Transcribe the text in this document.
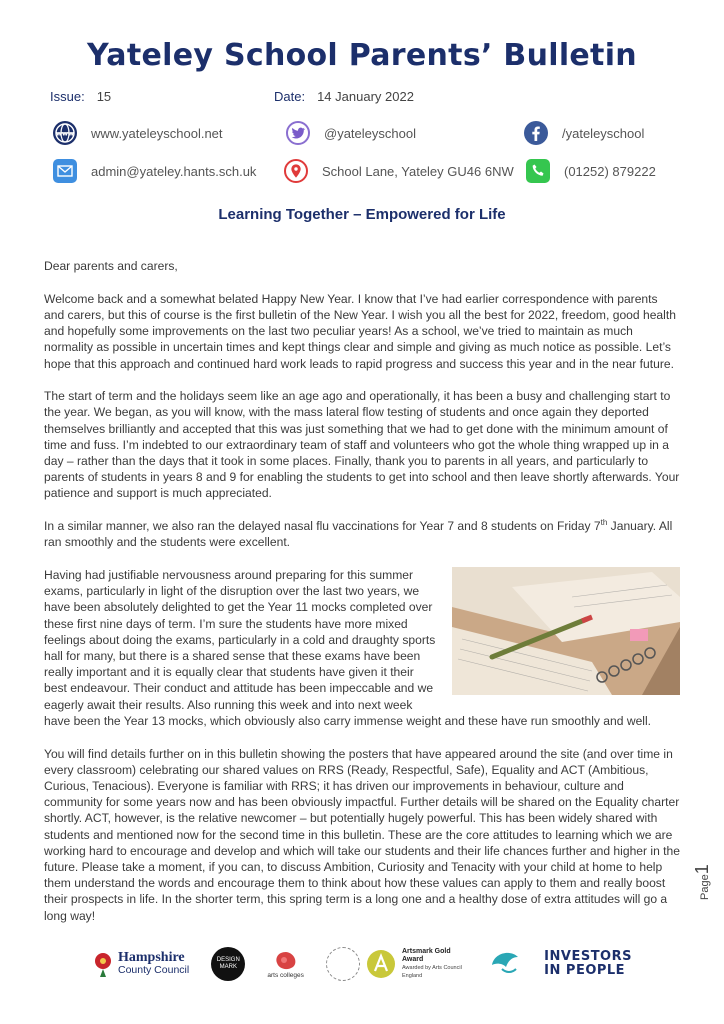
Yateley School Parents’ Bulletin
Issue: 15	Date: 14 January 2022
www www.yateleyschool.net	@yateleyschool	/yateleyschool
admin@yateley.hants.sch.uk	School Lane, Yateley GU46 6NW	(01252) 879222
Learning Together – Empowered for Life

Dear parents and carers,

Welcome back and a somewhat belated Happy New Year. I know that I’ve had earlier correspondence with parents and carers, but this of course is the first bulletin of the New Year. I wish you all the best for 2022, freedom, good health and hopefully some improvements on the last two peculiar years! As a school, we’ve tried to maintain as much normality as possible in uncertain times and kept things clear and simple and giving as much notice as possible. Let’s hope that this approach and continued hard work leads to rapid progress and success this year and in the near future.

The start of term and the holidays seem like an age ago and operationally, it has been a busy and challenging start to the year. We began, as you will know, with the mass lateral flow testing of students and once again they deported themselves brilliantly and accepted that this was just something that we had to get done with the minimum amount of time and fuss. I’m indebted to our extraordinary team of staff and volunteers who got the whole thing wrapped up in a day – rather than the days that it took in some places. Finally, thank you to parents in all years, and particularly to parents of students in years 8 and 9 for enabling the students to get into school and then leave shortly afterwards. Your patience and support is much appreciated.

In a similar manner, we also ran the delayed nasal flu vaccinations for Year 7 and 8 students on Friday 7th January. All ran smoothly and the students were excellent.

Having had justifiable nervousness around preparing for this summer exams, particularly in light of the disruption over the last two years, we have been absolutely delighted to get the Year 11 mocks completed over these first nine days of term. I’m sure the students have more mixed feelings about doing the exams, particularly in a cold and draughty sports hall for many, but there is a shared sense that these exams have been really important and it is equally clear that students have given it their best endeavour. Their conduct and attitude has been impeccable and we eagerly await their results. Also running this week and into next week have been the Year 13 mocks, which obviously also carry immense weight and these have run smoothly and well.

You will find details further on in this bulletin showing the posters that have appeared around the site (and over time in every classroom) celebrating our shared values on RRS (Ready, Respectful, Safe), Equality and ACT (Ambitious, Curious, Tenacious). Everyone is familiar with RRS; it has driven our improvements in behaviour, culture and community for some years now and has been obviously impactful. Further details will be shared on the Equality charter shortly. ACT, however, is the relative newcomer – but potentially hugely powerful. This has been widely shared with students and mentioned now for the second time in this bulletin. These are the core attitudes to learning which we are working hard to encourage and develop and which will take our students and their life chances further and higher in the future. Please take a moment, if you can, to discuss Ambition, Curiosity and Tenacity with your child at home to help them understand the words and encourage them to think about how these values can apply to them and really boost their prospects in life. In the shorter term, this spring term is a long one and a healthy dose of extra attitudes will go a long way!

Page1
Hampshire
County Council
DESIGN MARK
arts colleges
Artsmark Gold Award
Awarded by Arts Council England
INVESTORS
IN PEOPLE
